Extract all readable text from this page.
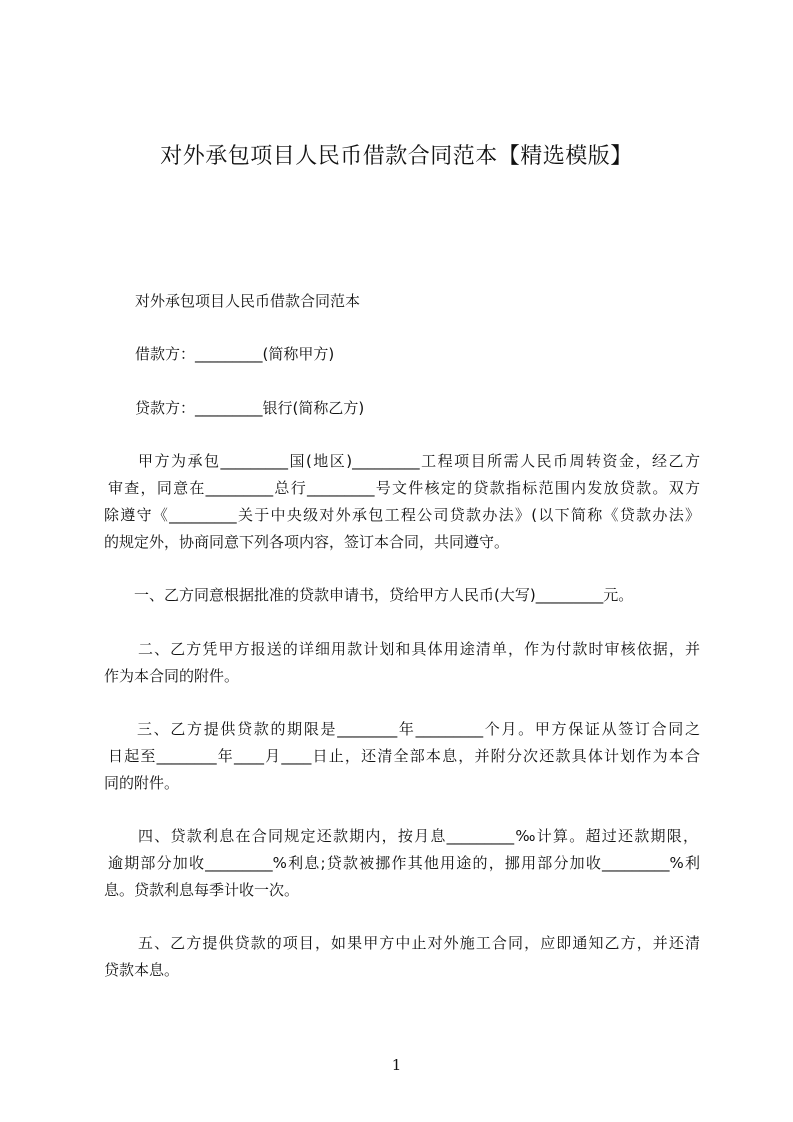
对外承包项目人民币借款合同范本【精选模版】
对外承包项目人民币借款合同范本
借款方：_________(简称甲方)
贷款方：_________银行(简称乙方)
甲方为承包_________国(地区)_________工程项目所需人民币周转资金，经乙方
审查，同意在_________总行_________号文件核定的贷款指标范围内发放贷款。双方
除遵守《_________关于中央级对外承包工程公司贷款办法》(以下简称《贷款办法》
的规定外，协商同意下列各项内容，签订本合同，共同遵守。
一、乙方同意根据批准的贷款申请书，贷给甲方人民币(大写)_________元。
二、乙方凭甲方报送的详细用款计划和具体用途清单，作为付款时审核依据，并
作为本合同的附件。
三、乙方提供贷款的期限是________年_________个月。甲方保证从签订合同之
日起至________年____月____日止，还清全部本息，并附分次还款具体计划作为本合
同的附件。
四、贷款利息在合同规定还款期内，按月息_________‰计算。超过还款期限，
逾期部分加收_________%利息;贷款被挪作其他用途的，挪用部分加收_________%利
息。贷款利息每季计收一次。
五、乙方提供贷款的项目，如果甲方中止对外施工合同，应即通知乙方，并还清
贷款本息。
1
